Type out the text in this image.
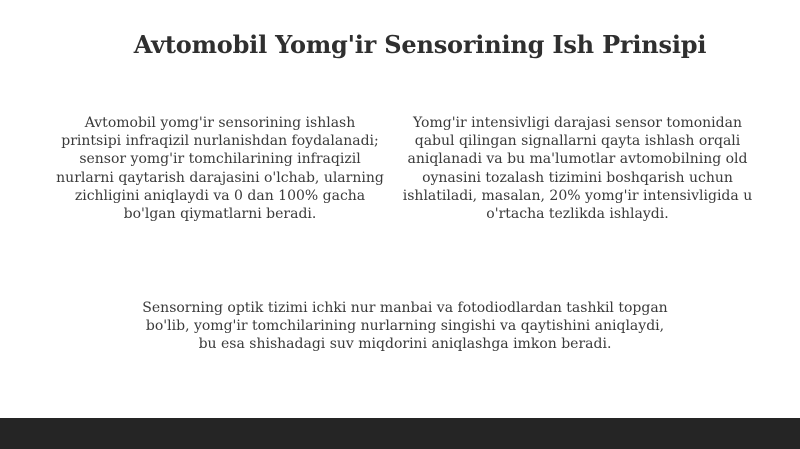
Avtomobil Yomg'ir Sensorining Ish Prinsipi
Avtomobil yomg'ir sensorining ishlash printsipi infraqizil nurlanishdan foydalanadi; sensor yomg'ir tomchilarining infraqizil nurlarni qaytarish darajasini o'lchab, ularning zichligini aniqlaydi va 0 dan 100% gacha bo'lgan qiymatlarni beradi.
Yomg'ir intensivligi darajasi sensor tomonidan qabul qilingan signallarni qayta ishlash orqali aniqlanadi va bu ma'lumotlar avtomobilning old oynasini tozalash tizimini boshqarish uchun ishlatiladi, masalan, 20% yomg'ir intensivligida u o'rtacha tezlikda ishlaydi.
Sensorning optik tizimi ichki nur manbai va fotodiodlardan tashkil topgan bo'lib, yomg'ir tomchilarining nurlarning singishi va qaytishini aniqlaydi, bu esa shishadagi suv miqdorini aniqlashga imkon beradi.
